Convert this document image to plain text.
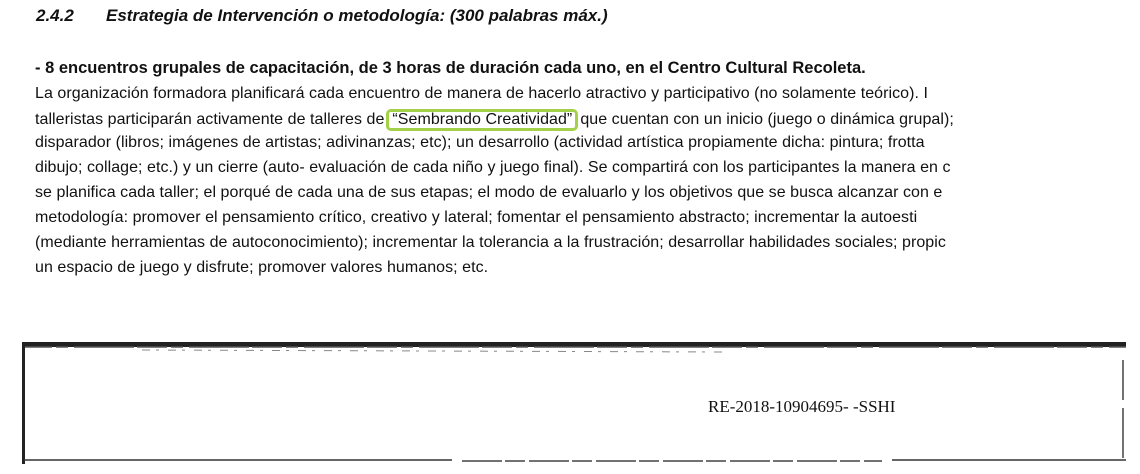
2.4.2 Estrategia de Intervención o metodología: (300 palabras máx.)

- 8 encuentros grupales de capacitación, de 3 horas de duración cada uno, en el Centro Cultural Recoleta.

La organización formadora planificará cada encuentro de manera de hacerlo atractivo y participativo (no solamente teórico). I

talleristas participarán activamente de talleres de “Sembrando Creatividad” que cuentan con un inicio (juego o dinámica grupal);

disparador (libros; imágenes de artistas; adivinanzas; etc); un desarrollo (actividad artística propiamente dicha: pintura; frotta

dibujo; collage; etc.) y un cierre (auto- evaluación de cada niño y juego final). Se compartirá con los participantes la manera en c

se planifica cada taller; el porqué de cada una de sus etapas; el modo de evaluarlo y los objetivos que se busca alcanzar con e

metodología: promover el pensamiento crítico, creativo y lateral; fomentar el pensamiento abstracto; incrementar la autoesti

(mediante herramientas de autoconocimiento); incrementar la tolerancia a la frustración; desarrollar habilidades sociales; propic

un espacio de juego y disfrute; promover valores humanos; etc.

RE-2018-10904695- -SSHI
